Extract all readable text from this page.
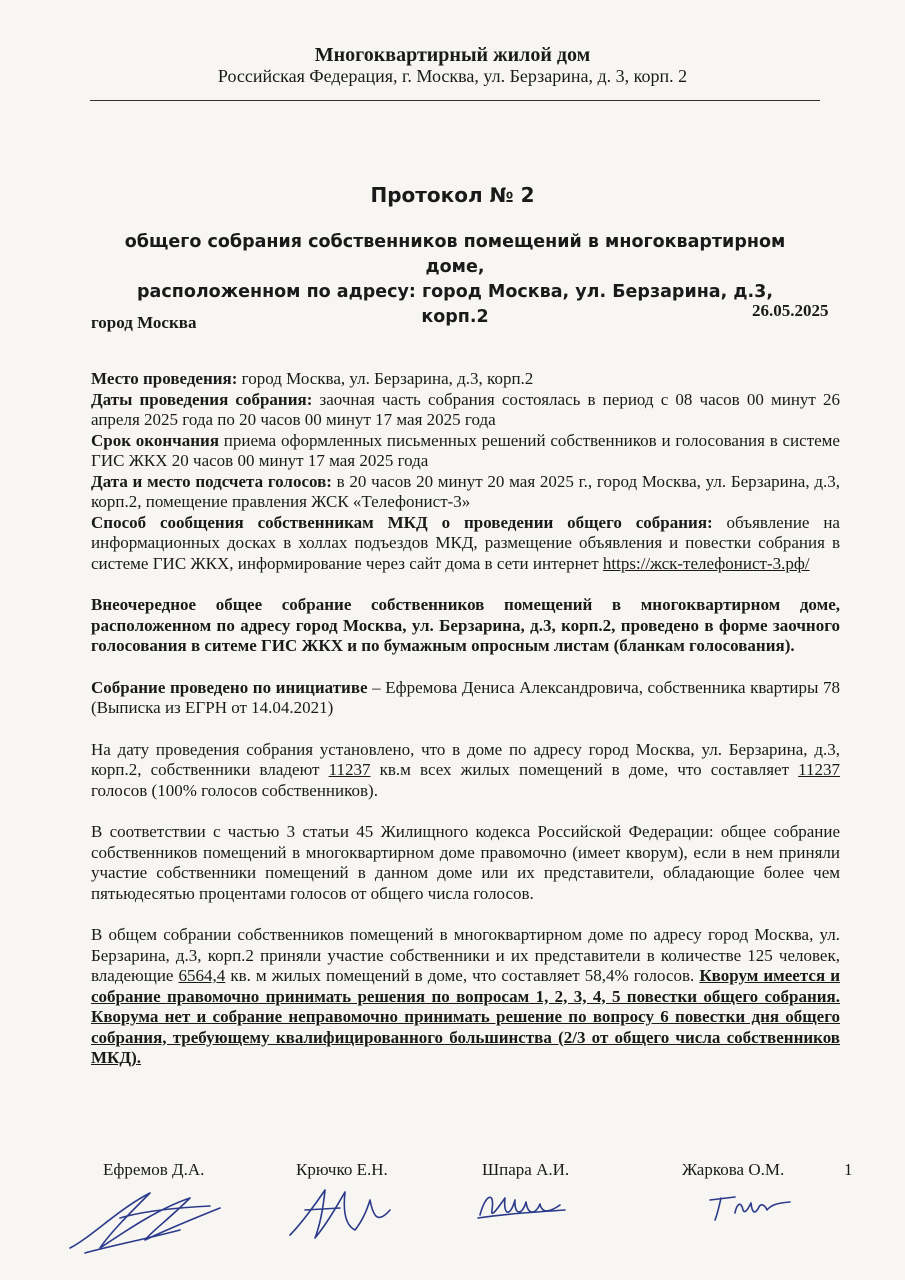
Многоквартирный жилой дом
Российская Федерация, г. Москва, ул. Берзарина, д. 3, корп. 2
Протокол № 2
общего собрания собственников помещений в многоквартирном доме,
расположенном по адресу: город Москва, ул. Берзарина, д.3, корп.2
город Москва
26.05.2025

Место проведения: город Москва, ул. Берзарина, д.3, корп.2

Даты проведения собрания: заочная часть собрания состоялась в период с 08 часов 00 минут 26 апреля 2025 года по 20 часов 00 минут 17 мая 2025 года

Срок окончания приема оформленных письменных решений собственников и голосования в системе ГИС ЖКХ 20 часов 00 минут 17 мая 2025 года

Дата и место подсчета голосов: в 20 часов 20 минут 20 мая 2025 г., город Москва, ул. Берзарина, д.3, корп.2, помещение правления ЖСК «Телефонист-3»

Способ сообщения собственникам МКД о проведении общего собрания: объявление на информационных досках в холлах подъездов МКД, размещение объявления и повестки собрания в системе ГИС ЖКХ, информирование через сайт дома в сети интернет https://жск-телефонист-3.рф/

Внеочередное общее собрание собственников помещений в многоквартирном доме, расположенном по адресу город Москва, ул. Берзарина, д.3, корп.2, проведено в форме заочного голосования в ситеме ГИС ЖКХ и по бумажным опросным листам (бланкам голосования).

Собрание проведено по инициативе – Ефремова Дениса Александровича, собственника квартиры 78 (Выписка из ЕГРН от 14.04.2021)

На дату проведения собрания установлено, что в доме по адресу город Москва, ул. Берзарина, д.3, корп.2, собственники владеют 11237 кв.м всех жилых помещений в доме, что составляет 11237 голосов (100% голосов собственников).

В соответствии с частью 3 статьи 45 Жилищного кодекса Российской Федерации: общее собрание собственников помещений в многоквартирном доме правомочно (имеет кворум), если в нем приняли участие собственники помещений в данном доме или их представители, обладающие более чем пятьюдесятью процентами голосов от общего числа голосов.

В общем собрании собственников помещений в многоквартирном доме по адресу город Москва, ул. Берзарина, д.3, корп.2 приняли участие собственники и их представители в количестве 125 человек, владеющие 6564,4 кв. м жилых помещений в доме, что составляет 58,4% голосов. Кворум имеется и собрание правомочно принимать решения по вопросам 1, 2, 3, 4, 5 повестки общего собрания. Кворума нет и собрание неправомочно принимать решение по вопросу 6 повестки дня общего собрания, требующему квалифицированного большинства (2/3 от общего числа собственников МКД).

Ефремов Д.А.	Крючко Е.Н.	Шпара А.И.	Жаркова О.М.	1
